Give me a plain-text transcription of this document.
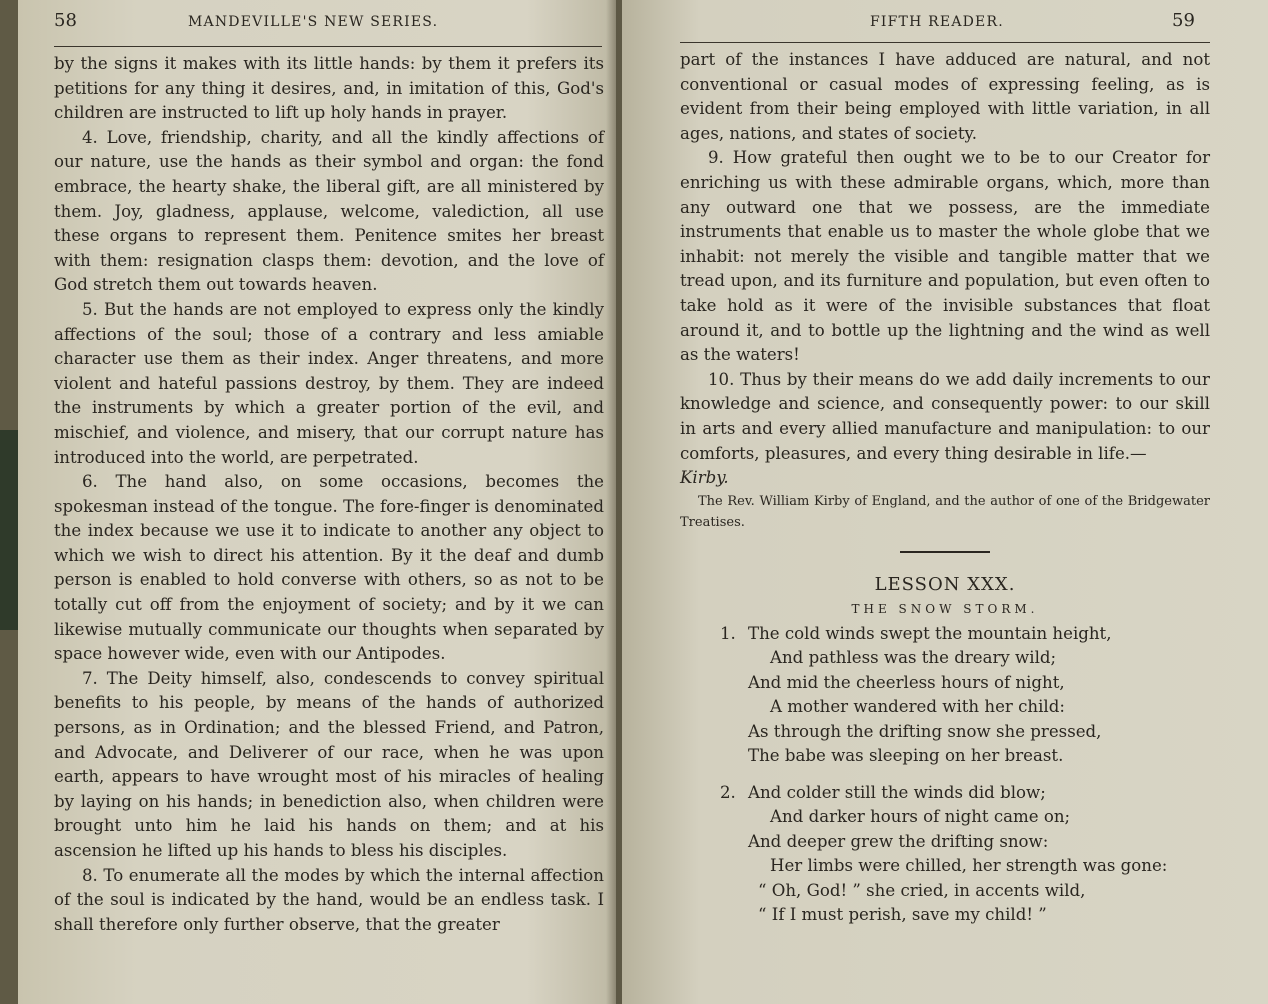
58	MANDEVILLE'S NEW SERIES.

by the signs it makes with its little hands: by them it prefers its petitions for any thing it desires, and, in imitation of this, God's children are instructed to lift up holy hands in prayer.

4. Love, friendship, charity, and all the kindly affections of our nature, use the hands as their symbol and organ: the fond embrace, the hearty shake, the liberal gift, are all ministered by them. Joy, gladness, applause, welcome, valediction, all use these organs to represent them. Penitence smites her breast with them: resignation clasps them: devotion, and the love of God stretch them out towards heaven.

5. But the hands are not employed to express only the kindly affections of the soul; those of a contrary and less amiable character use them as their index. Anger threatens, and more violent and hateful passions destroy, by them. They are indeed the instruments by which a greater portion of the evil, and mischief, and violence, and misery, that our corrupt nature has introduced into the world, are perpetrated.

6. The hand also, on some occasions, becomes the spokesman instead of the tongue. The fore-finger is denominated the index because we use it to indicate to another any object to which we wish to direct his attention. By it the deaf and dumb person is enabled to hold converse with others, so as not to be totally cut off from the enjoyment of society; and by it we can likewise mutually communicate our thoughts when separated by space however wide, even with our Antipodes.

7. The Deity himself, also, condescends to convey spiritual benefits to his people, by means of the hands of authorized persons, as in Ordination; and the blessed Friend, and Patron, and Advocate, and Deliverer of our race, when he was upon earth, appears to have wrought most of his miracles of healing by laying on his hands; in benediction also, when children were brought unto him he laid his hands on them; and at his ascension he lifted up his hands to bless his disciples.

8. To enumerate all the modes by which the internal affection of the soul is indicated by the hand, would be an endless task. I shall therefore only further observe, that the greater

FIFTH READER.	59

part of the instances I have adduced are natural, and not conventional or casual modes of expressing feeling, as is evident from their being employed with little variation, in all ages, nations, and states of society.

9. How grateful then ought we to be to our Creator for enriching us with these admirable organs, which, more than any outward one that we possess, are the immediate instruments that enable us to master the whole globe that we inhabit: not merely the visible and tangible matter that we tread upon, and its furniture and population, but even often to take hold as it were of the invisible substances that float around it, and to bottle up the lightning and the wind as well as the waters!

10. Thus by their means do we add daily increments to our knowledge and science, and consequently power: to our skill in arts and every allied manufacture and manipulation: to our comforts, pleasures, and every thing desirable in life.—

Kirby.

The Rev. William Kirby of England, and the author of one of the Bridgewater Treatises.

LESSON XXX.

THE SNOW STORM.

1. The cold winds swept the mountain height,
And pathless was the dreary wild;
And mid the cheerless hours of night,
A mother wandered with her child:
As through the drifting snow she pressed,
The babe was sleeping on her breast.
2. And colder still the winds did blow;
And darker hours of night came on;
And deeper grew the drifting snow:
Her limbs were chilled, her strength was gone:
“ Oh, God! ” she cried, in accents wild,
“ If I must perish, save my child! ”
